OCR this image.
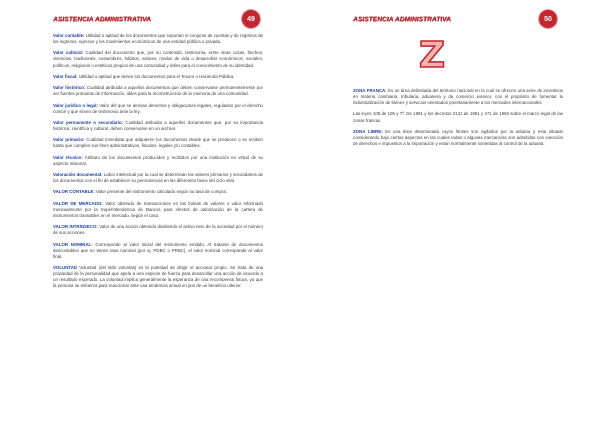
ASISTENCIA ADMINISTRATIVA	49

Valor contable: Utilidad o aptitud de los documentos que soportan el conjunto de cuentas y de registros de los ingresos, egresos y los movimientos económicos de una entidad pública o privada.

Valor cultural: Cualidad del documento que, por su contenido, testimonia, entre otras cosas, hechos, vivencias, tradiciones, costumbres, hábitos, valores, modos de vida o desarrollos económicos, sociales, políticos, religiosos o estéticos propios de una comunidad y útiles para el conocimiento de su identidad.

Valor fiscal: Utilidad o aptitud que tienen los documentos para el Tesoro o Hacienda Pública.

Valor histórico: Cualidad atribuida a aquellos documentos que deben conservarse permanentemente por ser fuentes primarias de información, útiles para la reconstrucción de la memoria de una comunidad.

Valor jurídico o legal: Valor del que se derivan derechos y obligaciones legales, regulados por el derecho común y que sirven de testimonio ante la ley.

Valor permanente o secundario: Cualidad atribuida a aquellos documentos que, por su importancia histórica, científica y cultural, deben conservarse en un archivo.

Valor primario: Cualidad inmediata que adquieren los documentos desde que se producen o se reciben hasta que cumplen sus fines administrativos, fiscales, legales y/o contables.

Valor técnico: Atributo de los documentos producidos y recibidos por una institución en virtud de su aspecto misional.

Valoración documental: Labor intelectual por la cual se determinan los valores primarios y secundarios de los documentos con el fin de establecer su permanencia en las diferentes fases del ciclo vital.

VALOR CONTABLE: Valor presente del instrumento calculado según su tasa de compra.

VALOR DE MERCADO: Valor obtenido de transacciones en las bolsas de valores o valor informado mensualmente por la Superintendencia de Bancos para efectos de valorización de la cartera de instrumentos transables en el mercado, según el caso.

VALOR INTRÍNSECO: Valor de una acción obtenido dividiendo el activo neto de la sociedad por el número de sus acciones.

VALOR NOMINAL: Corresponde al valor inicial del instrumento emitido. Al tratarse de documentos descontables que no tienen tasa nominal (por ej. PDBC o PRBC), el valor nominal corresponde al valor final.

VOLUNTAD Voluntad (del latín voluntas) es la potestad de dirigir el accionar propio. Se trata de una propiedad de la personalidad que apela a una especie de fuerza para desarrollar una acción de acuerdo a un resultado esperado. La voluntad implica generalmente la esperanza de una recompensa futura, ya que la persona se esfuerza para reaccionar ante una tendencia actual en pos de un beneficio ulterior.

ASISTENCIA ADMINISTRATIVA	50
Z

ZONA FRANCA: Es un área delimitada del territorio nacional en la cual se ofrecen una serie de incentivos en materia cambiaria, tributaria, aduanera y de comercio exterior, con el propósito de fomentar la industrialización de bienes y servicios orientados prioritariamente a los mercados internacionales.

Las leyes 109 de 195 y 7ª. De 1991 y los decretos 2131 de 1991 y 471 de 1993 sobre el marco legal de las zonas francas.

ZONA LIBRE: Es una área determinada cuyos límites son vigilados por la aduana y esta situado considerando bajo ciertos aspectos en las cuales todas o algunas mercancías son admitidas con exención de derechos e impuestos a la importación y están normalmente sometidas al control de la aduana.
